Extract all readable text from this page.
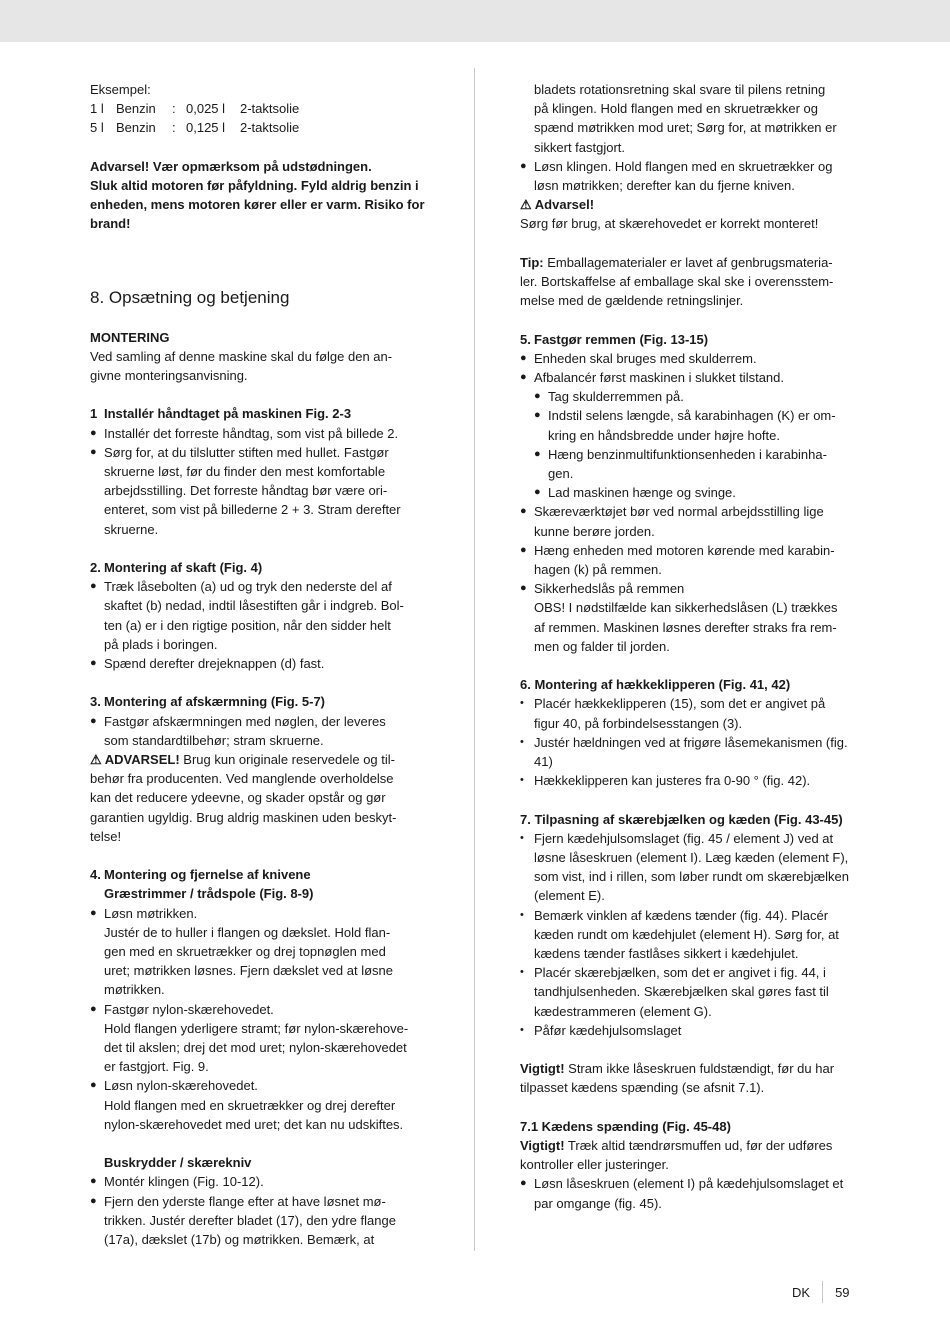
Eksempel:

1 l Benzin	: 0,025 l	2-taktsolie
5 l Benzin	: 0,125 l	2-taktsolie

Advarsel! Vær opmærksom på udstødningen.

Sluk altid motoren før påfyldning. Fyld aldrig benzin i

enheden, mens motoren kører eller er varm. Risiko for

brand!

8. Opsætning og betjening

MONTERING

Ved samling af denne maskine skal du følge den an-

givne monteringsanvisning.

1 Installér håndtaget på maskinen Fig. 2-3
● Installér det forreste håndtag, som vist på billede 2.

● Sørg for, at du tilslutter stiften med hullet. Fastgør

skruerne løst, før du finder den mest komfortable

arbejdsstilling. Det forreste håndtag bør være ori-

enteret, som vist på billederne 2 + 3. Stram derefter

skruerne.

2. Montering af skaft (Fig. 4)
● Træk låsebolten (a) ud og tryk den nederste del af

skaftet (b) nedad, indtil låsestiften går i indgreb. Bol-

ten (a) er i den rigtige position, når den sidder helt

på plads i boringen.

● Spænd derefter drejeknappen (d) fast.

3. Montering af afskærmning (Fig. 5-7)
● Fastgør afskærmningen med nøglen, der leveres

som standardtilbehør; stram skruerne.

⚠ ADVARSEL! Brug kun originale reservedele og til-

behør fra producenten. Ved manglende overholdelse

kan det reducere ydeevne, og skader opstår og gør

garantien ugyldig. Brug aldrig maskinen uden beskyt-

telse!

4. Montering og fjernelse af knivene

Græstrimmer / trådspole (Fig. 8-9)

● Løsn møtrikken.

Justér de to huller i flangen og dækslet. Hold flan-

gen med en skruetrækker og drej topnøglen med

uret; møtrikken løsnes. Fjern dækslet ved at løsne

møtrikken.

● Fastgør nylon-skærehovedet.

Hold flangen yderligere stramt; før nylon-skærehove-

det til akslen; drej det mod uret; nylon-skærehovedet

er fastgjort. Fig. 9.

● Løsn nylon-skærehovedet.

Hold flangen med en skruetrækker og drej derefter

nylon-skærehovedet med uret; det kan nu udskiftes.

Buskrydder / skærekniv

● Montér klingen (Fig. 10-12).

● Fjern den yderste flange efter at have løsnet mø-

trikken. Justér derefter bladet (17), den ydre flange

(17a), dækslet (17b) og møtrikken. Bemærk, at

bladets rotationsretning skal svare til pilens retning

på klingen. Hold flangen med en skruetrækker og

spænd møtrikken mod uret; Sørg for, at møtrikken er

sikkert fastgjort.

● Løsn klingen. Hold flangen med en skruetrækker og

løsn møtrikken; derefter kan du fjerne kniven.

⚠ Advarsel!

Sørg før brug, at skærehovedet er korrekt monteret!

Tip: Emballagematerialer er lavet af genbrugsmateria-

ler. Bortskaffelse af emballage skal ske i overensstem-

melse med de gældende retningslinjer.

5. Fastgør remmen (Fig. 13-15)
● Enheden skal bruges med skulderrem.

● Afbalancér først maskinen i slukket tilstand.

● Tag skulderremmen på.

● Indstil selens længde, så karabinhagen (K) er om-

kring en håndsbredde under højre hofte.

● Hæng benzinmultifunktionsenheden i karabinha-

gen.

● Lad maskinen hænge og svinge.

● Skæreværktøjet bør ved normal arbejdsstilling lige

kunne berøre jorden.

● Hæng enheden med motoren kørende med karabin-

hagen (k) på remmen.

● Sikkerhedslås på remmen

OBS! I nødstilfælde kan sikkerhedslåsen (L) trækkes

af remmen. Maskinen løsnes derefter straks fra rem-

men og falder til jorden.

6. Montering af hækkeklipperen (Fig. 41, 42)

• Placér hækkeklipperen (15), som det er angivet på

figur 40, på forbindelsesstangen (3).

• Justér hældningen ved at frigøre låsemekanismen (fig.

41)

• Hækkeklipperen kan justeres fra 0-90 ° (fig. 42).

7. Tilpasning af skærebjælken og kæden (Fig. 43-45)

• Fjern kædehjulsomslaget (fig. 45 / element J) ved at

løsne låseskruen (element I). Læg kæden (element F),

som vist, ind i rillen, som løber rundt om skærebjælken

(element E).

• Bemærk vinklen af kædens tænder (fig. 44). Placér

kæden rundt om kædehjulet (element H). Sørg for, at

kædens tænder fastlåses sikkert i kædehjulet.

• Placér skærebjælken, som det er angivet i fig. 44, i

tandhjulsenheden. Skærebjælken skal gøres fast til

kædestrammeren (element G).

• Påfør kædehjulsomslaget

Vigtigt! Stram ikke låseskruen fuldstændigt, før du har

tilpasset kædens spænding (se afsnit 7.1).

7.1 Kædens spænding (Fig. 45-48)

Vigtigt! Træk altid tændrørsmuffen ud, før der udføres

kontroller eller justeringer.

● Løsn låseskruen (element I) på kædehjulsomslaget et

par omgange (fig. 45).

DK 59
